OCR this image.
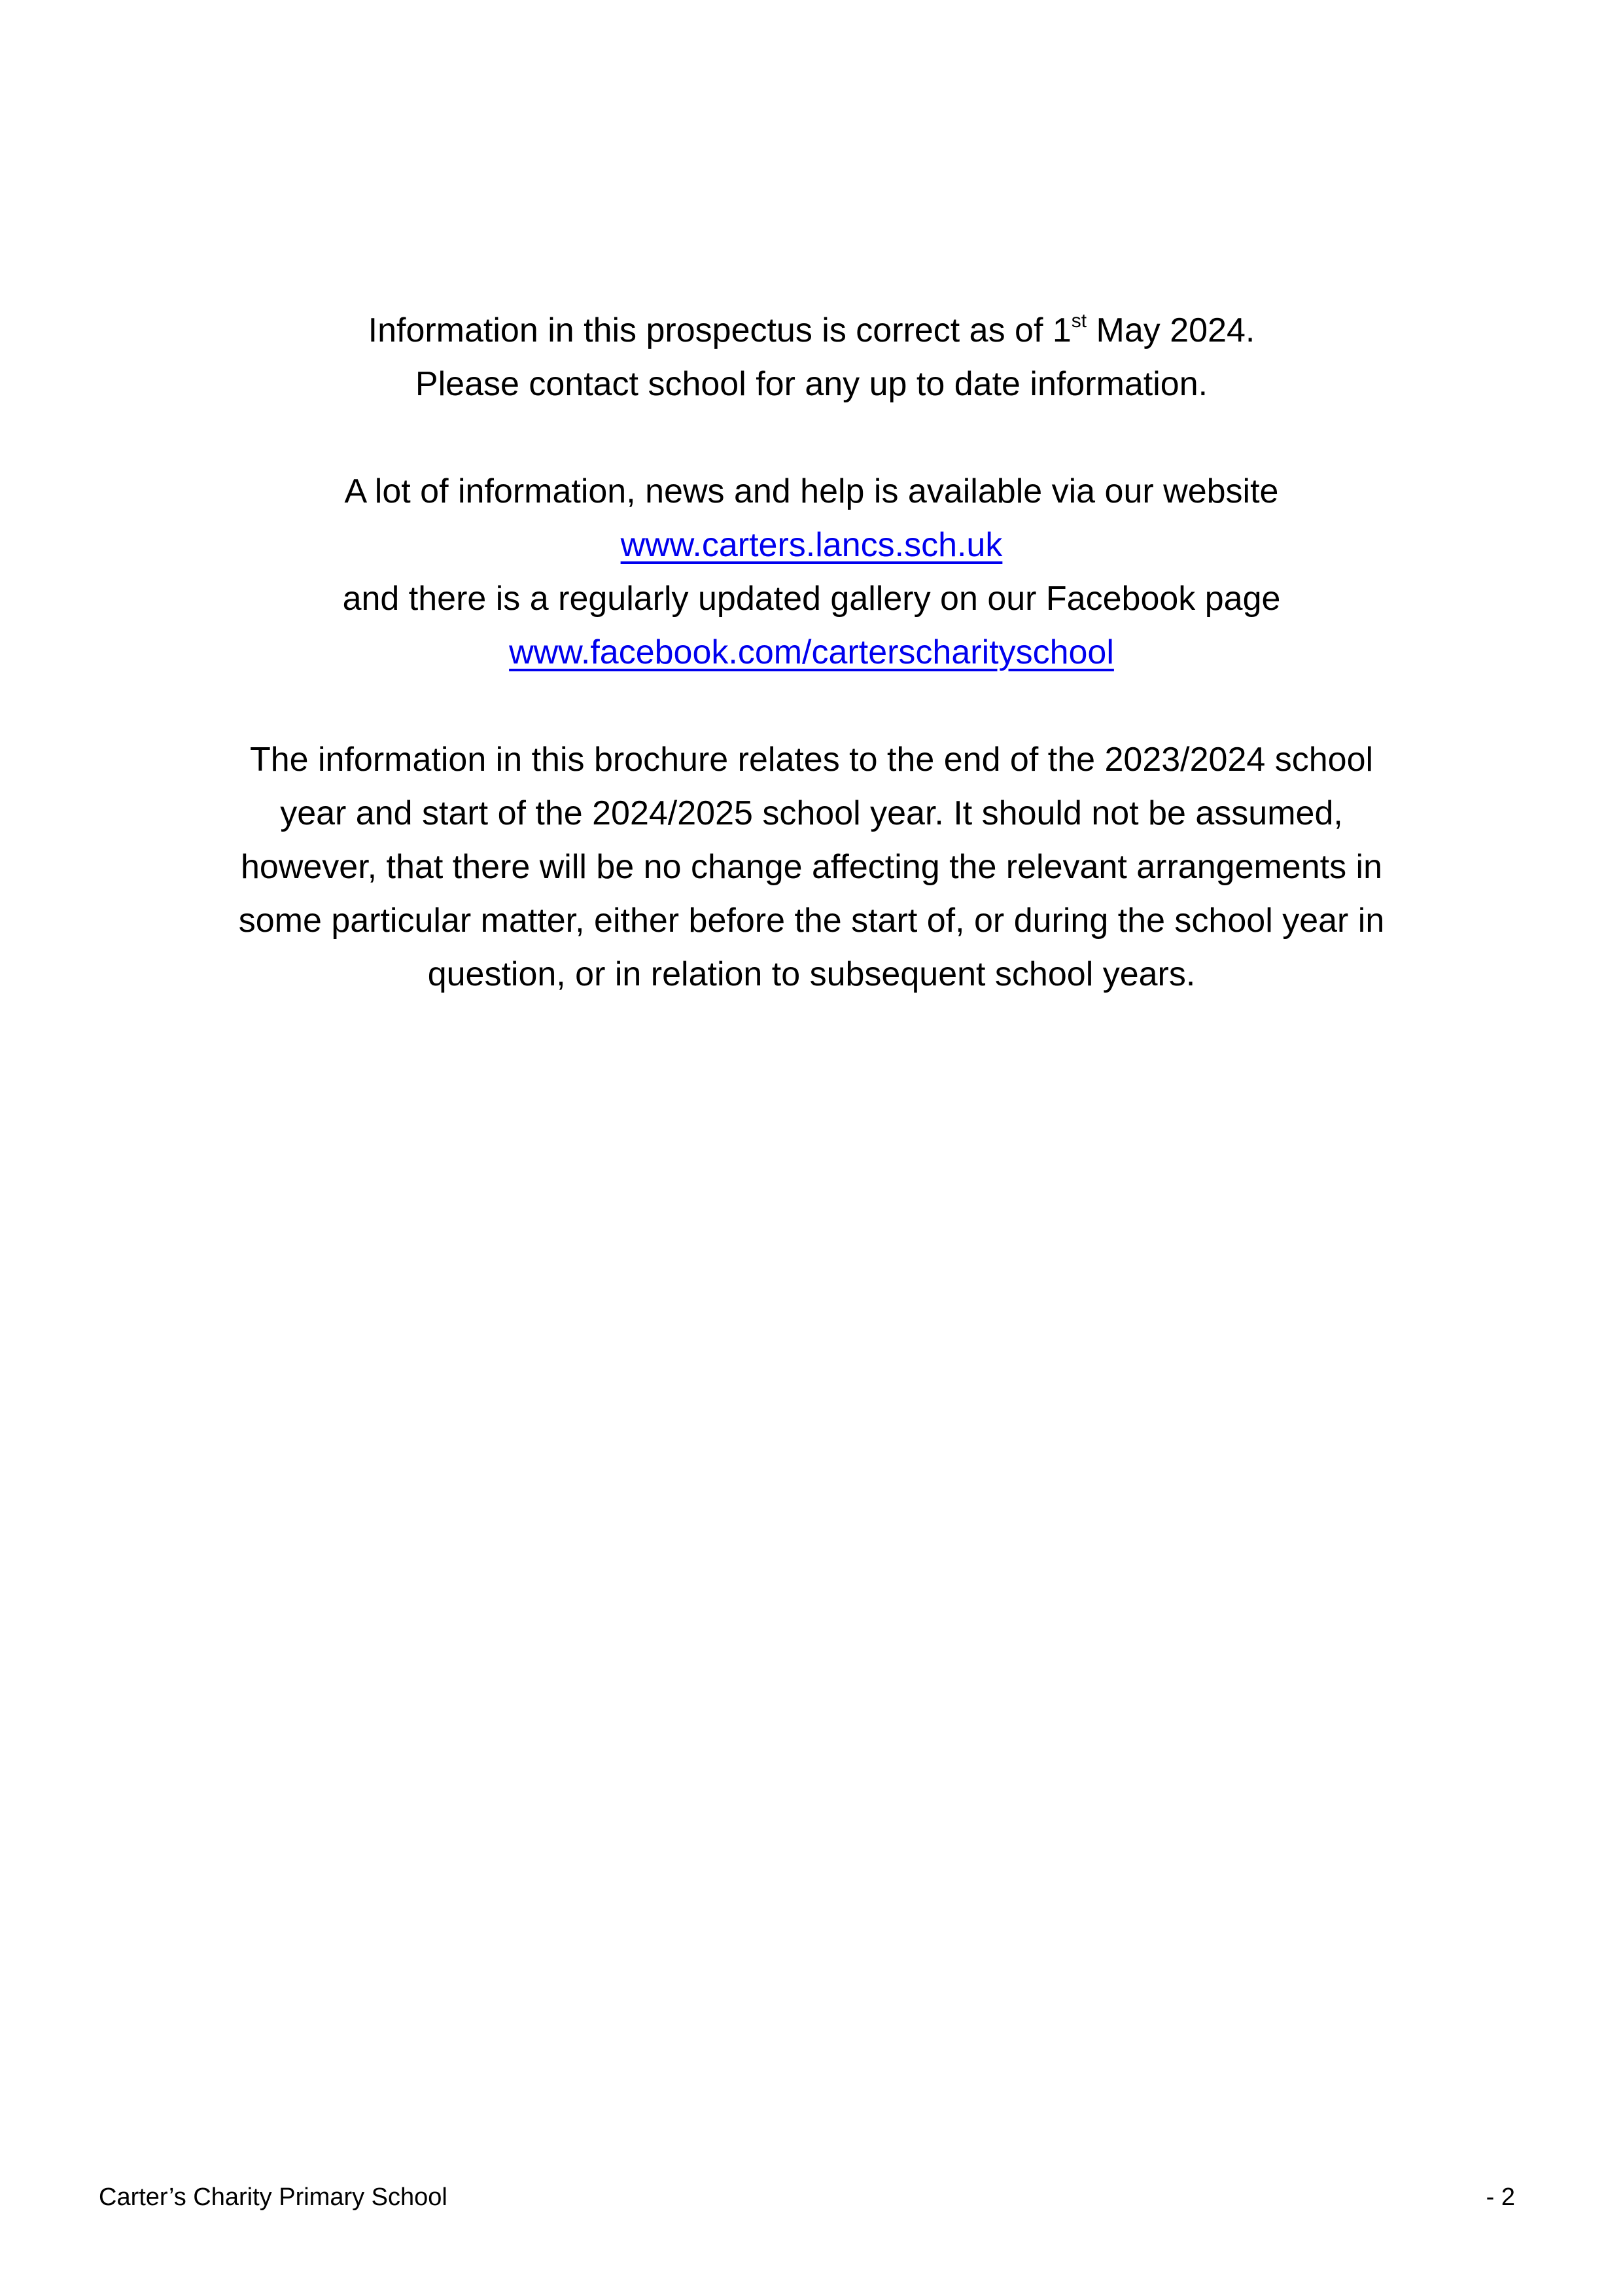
Information in this prospectus is correct as of 1st May 2024.
Please contact school for any up to date information.
A lot of information, news and help is available via our website
www.carters.lancs.sch.uk
and there is a regularly updated gallery on our Facebook page
www.facebook.com/carterscharityschool
The information in this brochure relates to the end of the 2023/2024 school
year and start of the 2024/2025 school year. It should not be assumed,
however, that there will be no change affecting the relevant arrangements in
some particular matter, either before the start of, or during the school year in
question, or in relation to subsequent school years.
Carter’s Charity Primary School	- 2
